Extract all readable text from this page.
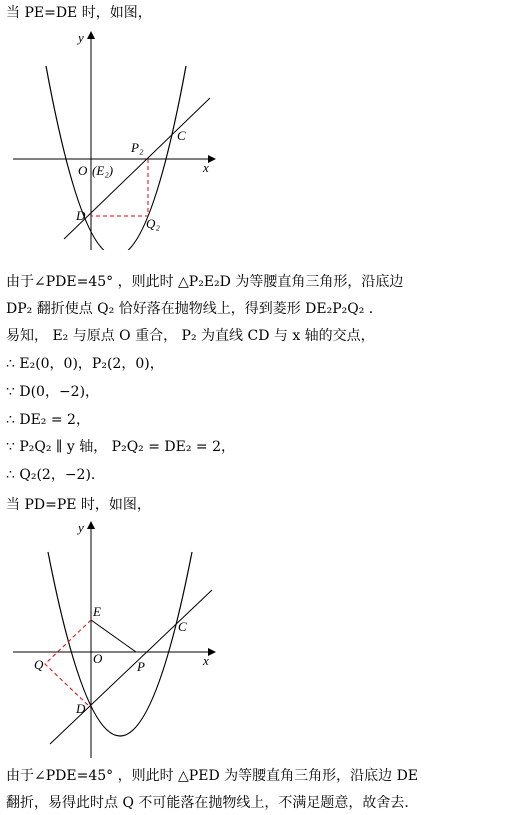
当 PE=DE 时，如图，
y
x
P₂
C
O (E₂)
D
Q₂
由于∠PDE=45° ，则此时 △P₂E₂D 为等腰直角三角形，沿底边
DP₂ 翻折使点 Q₂ 恰好落在抛物线上，得到菱形 DE₂P₂Q₂ .
易知， E₂ 与原点 O 重合， P₂ 为直线 CD 与 x 轴的交点，
∴ E₂(0，0)，P₂(2，0)，
∵ D(0，−2)，
∴ DE₂ = 2，
∵ P₂Q₂ ∥ y 轴， P₂Q₂ = DE₂ = 2，
∴ Q₂(2，−2).
当 PD=PE 时，如图，
y
x
E
C
Q	O
P
D
由于∠PDE=45° ，则此时 △PED 为等腰直角三角形，沿底边 DE
翻折，易得此时点 Q 不可能落在抛物线上，不满足题意，故舍去.
